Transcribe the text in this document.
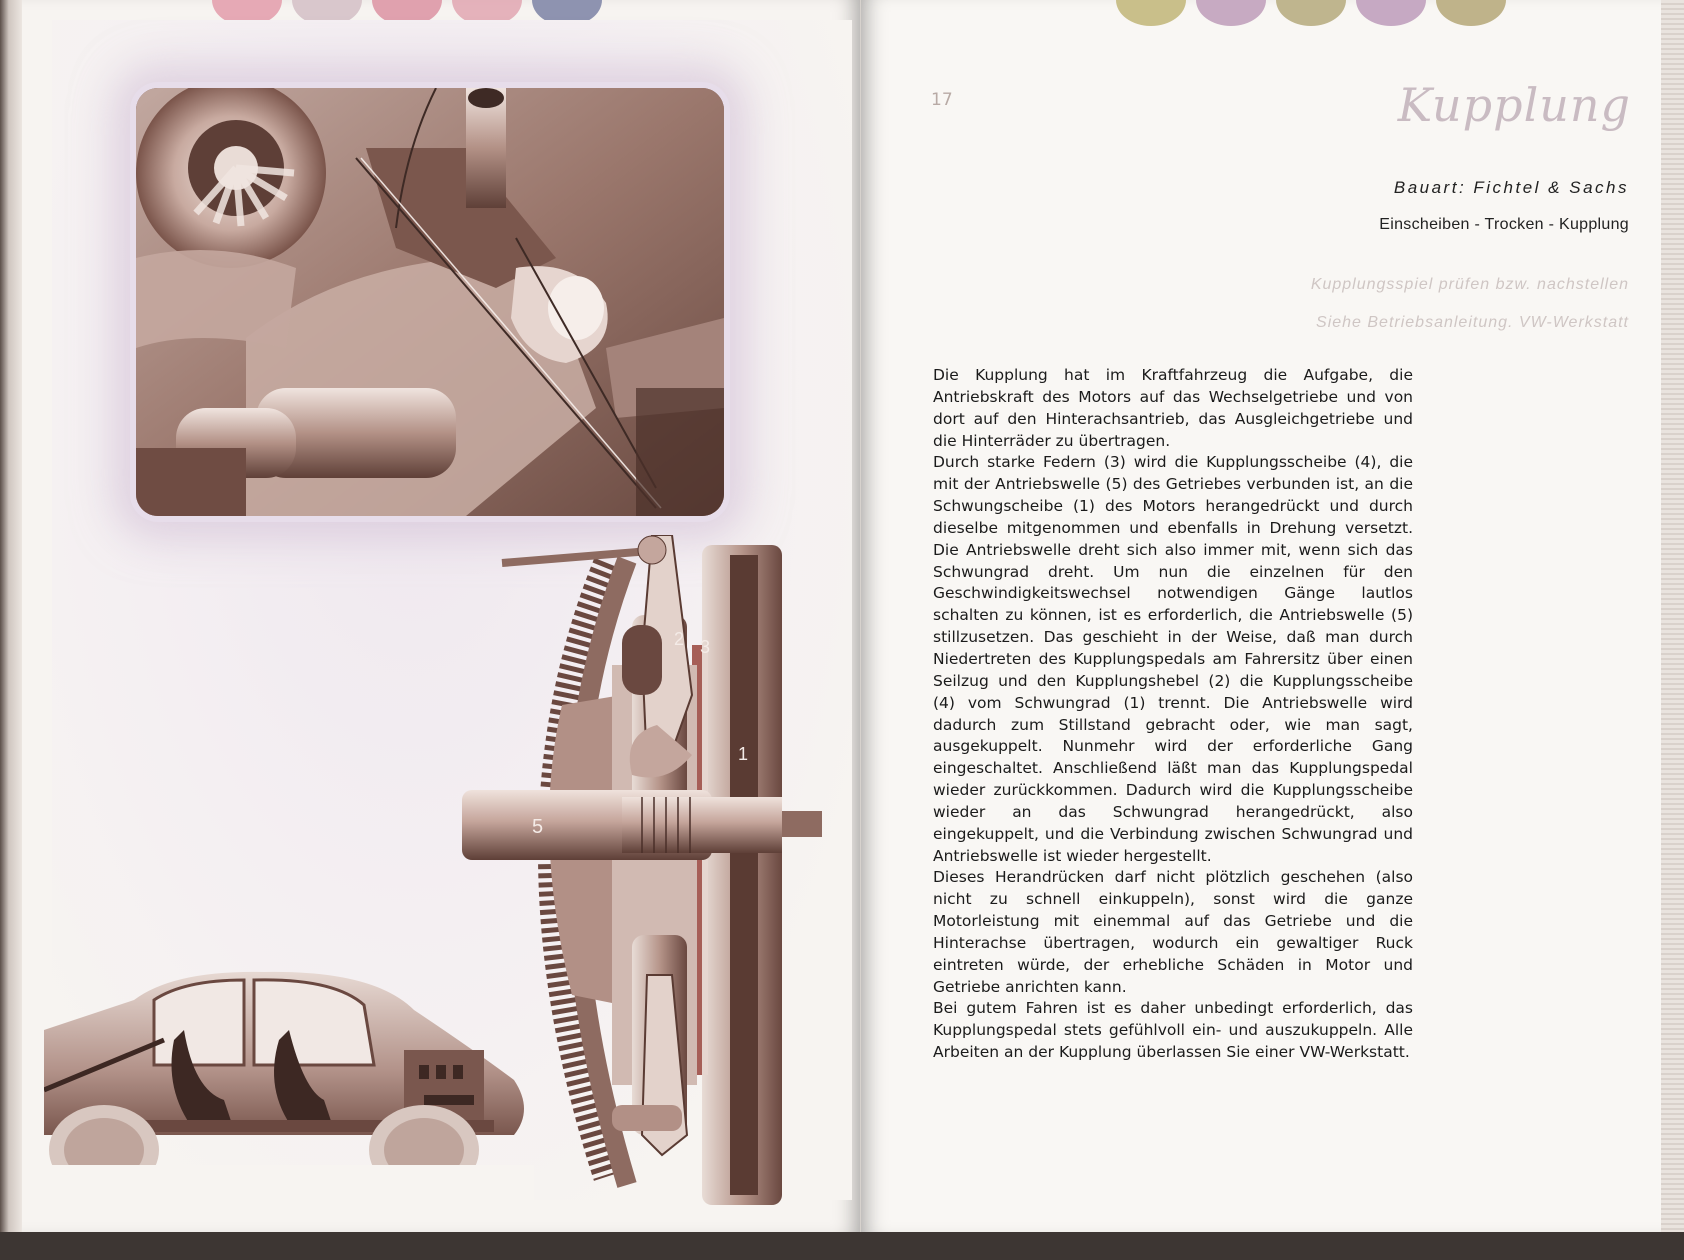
5
2 3
1
17	Kupplung
Bauart: Fichtel & Sachs
Einscheiben - Trocken - Kupplung
Kupplungsspiel prüfen bzw. nachstellen
Siehe Betriebsanleitung. VW-Werkstatt

Die Kupplung hat im Kraftfahrzeug die Aufgabe, die Antriebskraft des Motors auf das Wechselgetriebe und von dort auf den Hinterachsantrieb, das Ausgleichgetriebe und die Hinterräder zu übertragen.

Durch starke Federn (3) wird die Kupplungsscheibe (4), die mit der Antriebswelle (5) des Getriebes verbunden ist, an die Schwungscheibe (1) des Motors herangedrückt und durch dieselbe mitgenommen und ebenfalls in Drehung versetzt. Die Antriebswelle dreht sich also immer mit, wenn sich das Schwungrad dreht. Um nun die einzelnen für den Geschwindigkeitswechsel notwendigen Gänge lautlos schalten zu können, ist es erforderlich, die Antriebswelle (5) stillzusetzen. Das geschieht in der Weise, daß man durch Niedertreten des Kupplungspedals am Fahrersitz über einen Seilzug und den Kupplungshebel (2) die Kupplungsscheibe (4) vom Schwungrad (1) trennt. Die Antriebswelle wird dadurch zum Stillstand gebracht oder, wie man sagt, ausgekuppelt. Nunmehr wird der erforderliche Gang eingeschaltet. Anschließend läßt man das Kupplungspedal wieder zurückkommen. Dadurch wird die Kupplungsscheibe wieder an das Schwungrad herangedrückt, also eingekuppelt, und die Verbindung zwischen Schwungrad und Antriebswelle ist wieder hergestellt.

Dieses Herandrücken darf nicht plötzlich geschehen (also nicht zu schnell einkuppeln), sonst wird die ganze Motorleistung mit einemmal auf das Getriebe und die Hinterachse übertragen, wodurch ein gewaltiger Ruck eintreten würde, der erhebliche Schäden in Motor und Getriebe anrichten kann.

Bei gutem Fahren ist es daher unbedingt erforderlich, das Kupplungspedal stets gefühlvoll ein- und auszukuppeln. Alle Arbeiten an der Kupplung überlassen Sie einer VW-Werkstatt.
